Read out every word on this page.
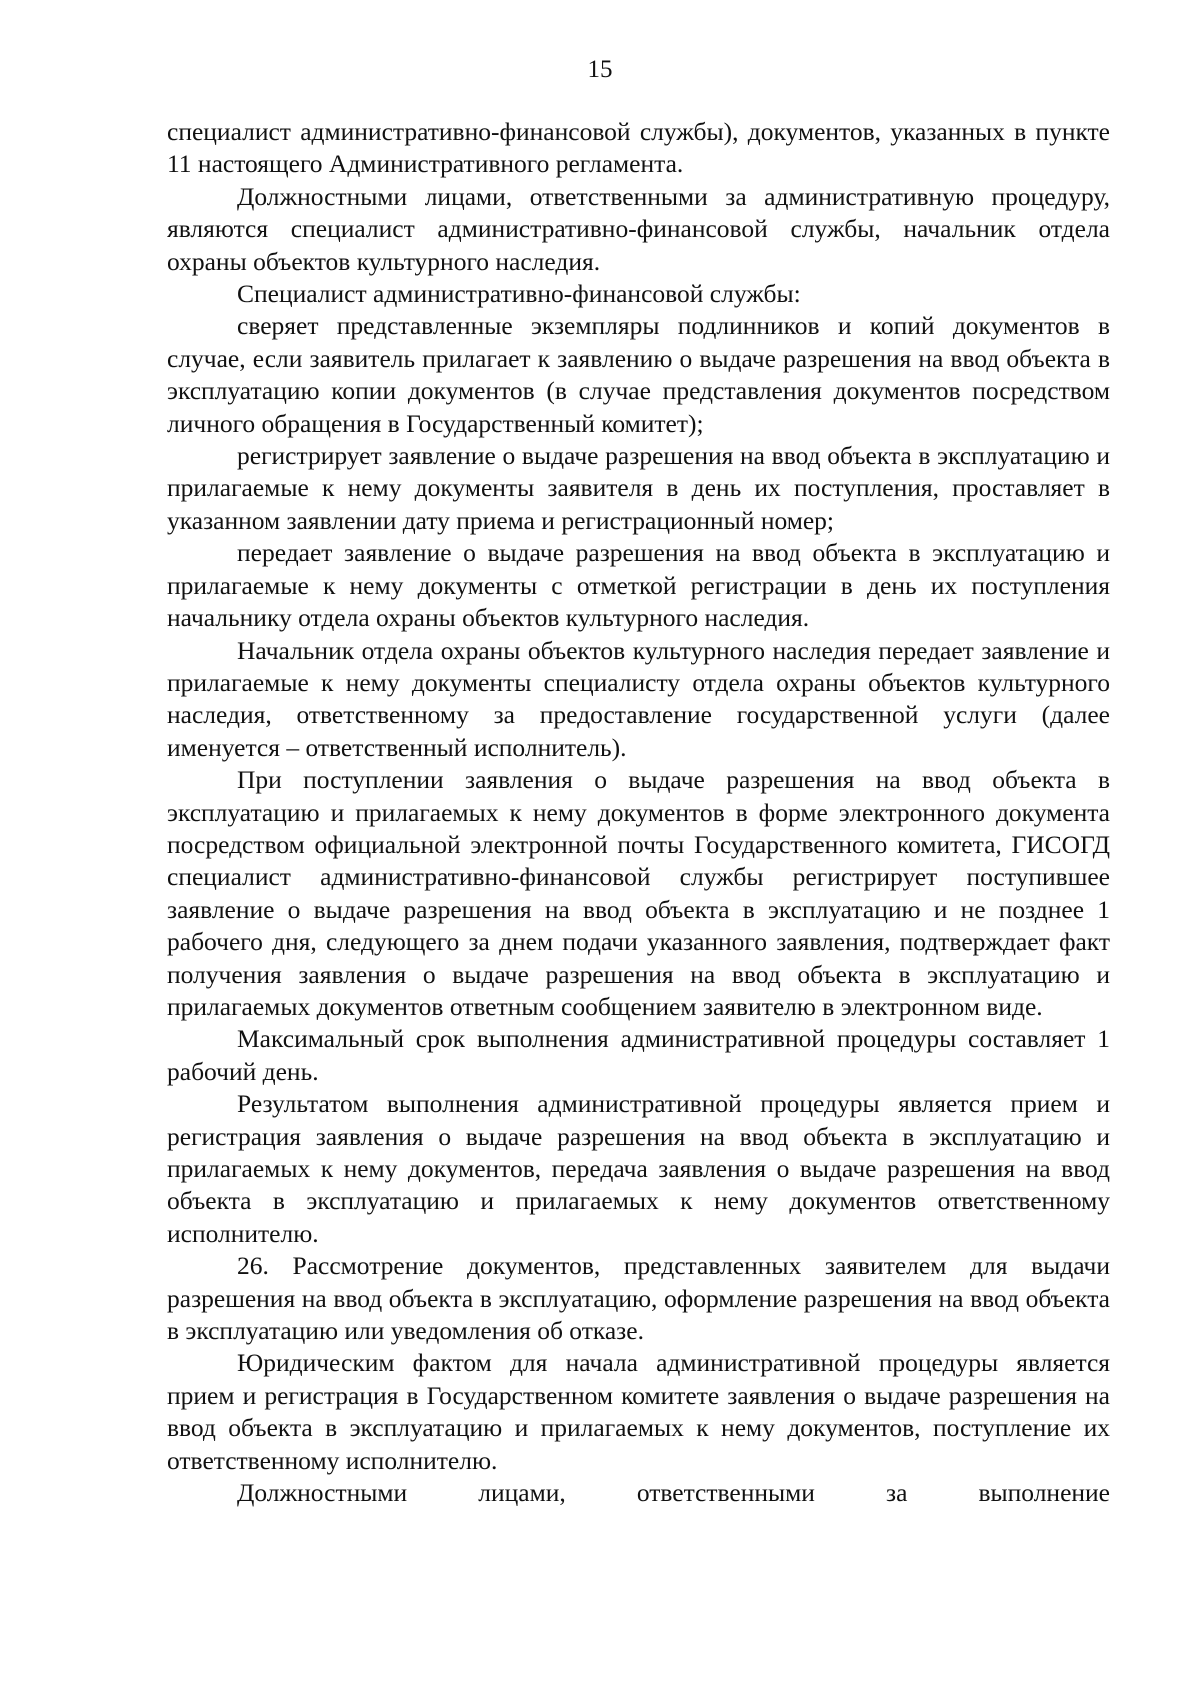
15

специалист административно-финансовой службы), документов, указанных в пункте 11 настоящего Административного регламента.

Должностными лицами, ответственными за административную процедуру, являются специалист административно-финансовой службы, начальник отдела охраны объектов культурного наследия.

Специалист административно-финансовой службы:

сверяет представленные экземпляры подлинников и копий документов в случае, если заявитель прилагает к заявлению о выдаче разрешения на ввод объекта в эксплуатацию копии документов (в случае представления документов посредством личного обращения в Государственный комитет);

регистрирует заявление о выдаче разрешения на ввод объекта в эксплуатацию и прилагаемые к нему документы заявителя в день их поступления, проставляет в указанном заявлении дату приема и регистрационный номер;

передает заявление о выдаче разрешения на ввод объекта в эксплуатацию и прилагаемые к нему документы с отметкой регистрации в день их поступления начальнику отдела охраны объектов культурного наследия.

Начальник отдела охраны объектов культурного наследия передает заявление и прилагаемые к нему документы специалисту отдела охраны объектов культурного наследия, ответственному за предоставление государственной услуги (далее именуется – ответственный исполнитель).

При поступлении заявления о выдаче разрешения на ввод объекта в эксплуатацию и прилагаемых к нему документов в форме электронного документа посредством официальной электронной почты Государственного комитета, ГИСОГД специалист административно-финансовой службы регистрирует поступившее заявление о выдаче разрешения на ввод объекта в эксплуатацию и не позднее 1 рабочего дня, следующего за днем подачи указанного заявления, подтверждает факт получения заявления о выдаче разрешения на ввод объекта в эксплуатацию и прилагаемых документов ответным сообщением заявителю в электронном виде.

Максимальный срок выполнения административной процедуры составляет 1 рабочий день.

Результатом выполнения административной процедуры является прием и регистрация заявления о выдаче разрешения на ввод объекта в эксплуатацию и прилагаемых к нему документов, передача заявления о выдаче разрешения на ввод объекта в эксплуатацию и прилагаемых к нему документов ответственному исполнителю.

26. Рассмотрение документов, представленных заявителем для выдачи разрешения на ввод объекта в эксплуатацию, оформление разрешения на ввод объекта в эксплуатацию или уведомления об отказе.

Юридическим фактом для начала административной процедуры является прием и регистрация в Государственном комитете заявления о выдаче разрешения на ввод объекта в эксплуатацию и прилагаемых к нему документов, поступление их ответственному исполнителю.

Должностными лицами, ответственными за выполнение
